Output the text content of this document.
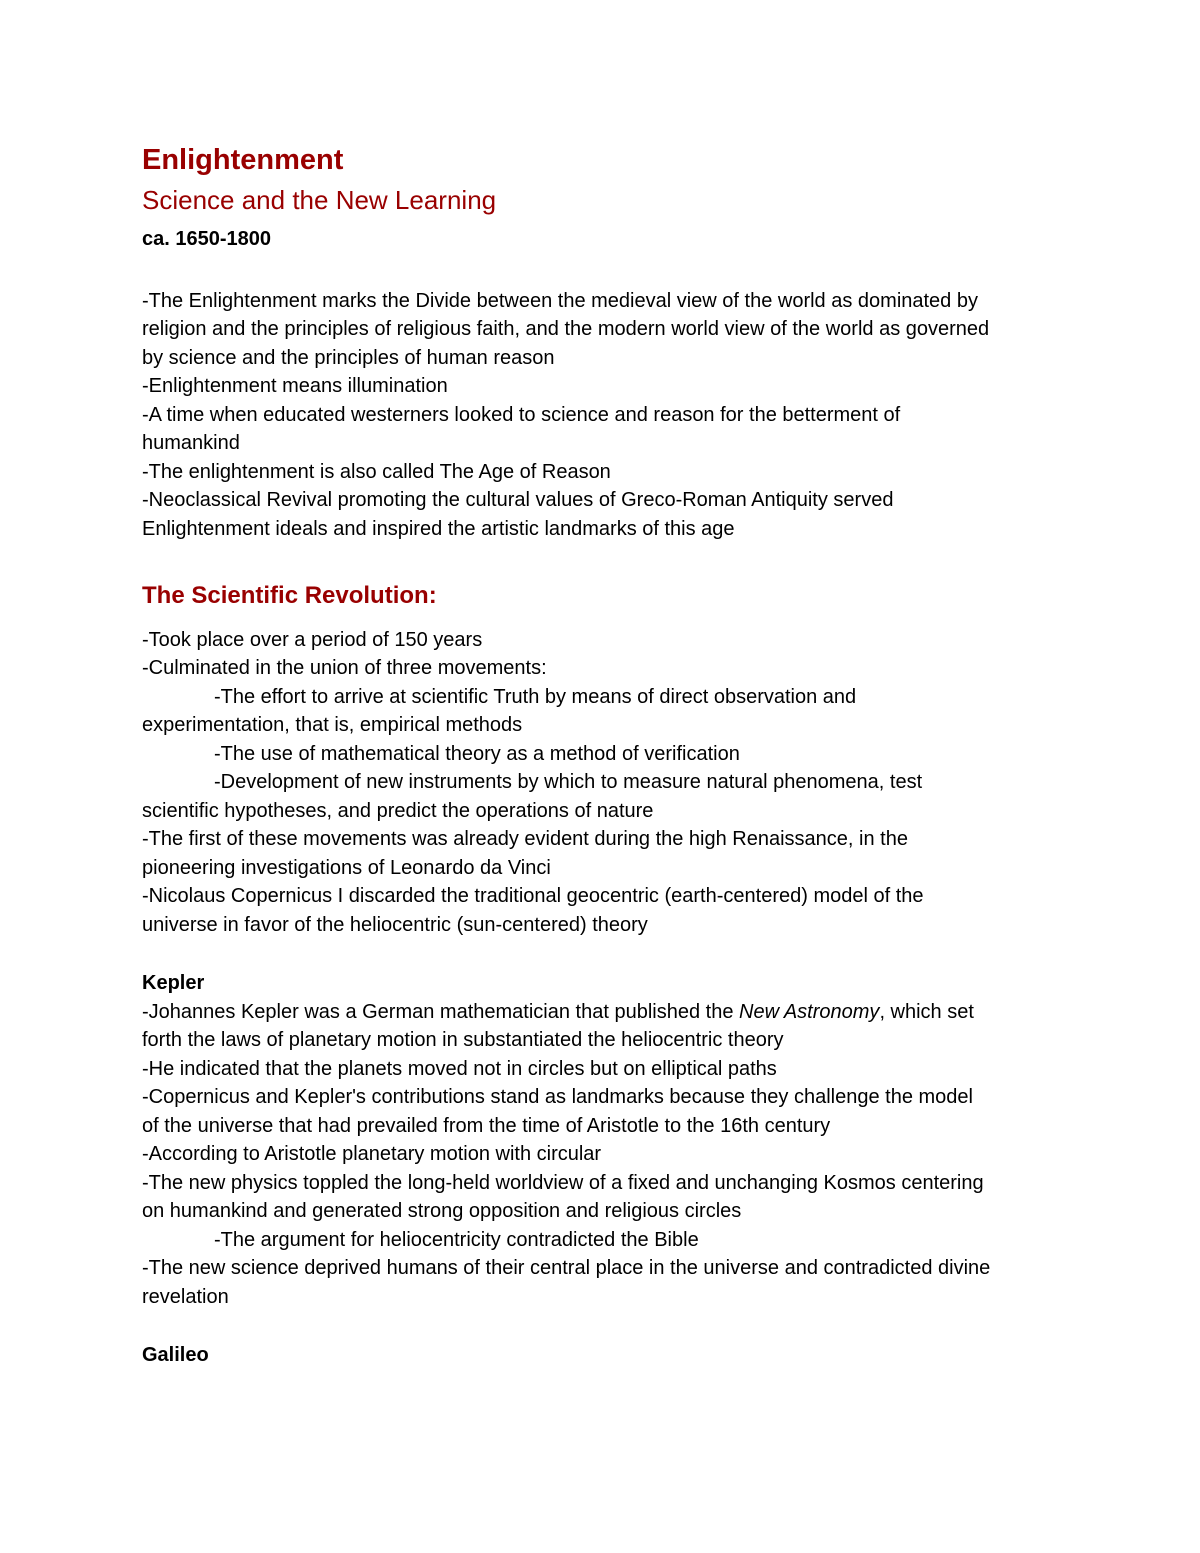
Enlightenment
Science and the New Learning
ca. 1650-1800
-The Enlightenment marks the Divide between the medieval view of the world as dominated by
religion and the principles of religious faith, and the modern world view of the world as governed
by science and the principles of human reason
-Enlightenment means illumination
-A time when educated westerners looked to science and reason for the betterment of
humankind
-The enlightenment is also called The Age of Reason
-Neoclassical Revival promoting the cultural values of Greco-Roman Antiquity served
Enlightenment ideals and inspired the artistic landmarks of this age
The Scientific Revolution:
-Took place over a period of 150 years
-Culminated in the union of three movements:
-The effort to arrive at scientific Truth by means of direct observation and
experimentation, that is, empirical methods
-The use of mathematical theory as a method of verification
-Development of new instruments by which to measure natural phenomena, test
scientific hypotheses, and predict the operations of nature
-The first of these movements was already evident during the high Renaissance, in the
pioneering investigations of Leonardo da Vinci
-Nicolaus Copernicus I discarded the traditional geocentric (earth-centered) model of the
universe in favor of the heliocentric (sun-centered) theory
Kepler
-Johannes Kepler was a German mathematician that published the New Astronomy, which set
forth the laws of planetary motion in substantiated the heliocentric theory
-He indicated that the planets moved not in circles but on elliptical paths
-Copernicus and Kepler's contributions stand as landmarks because they challenge the model
of the universe that had prevailed from the time of Aristotle to the 16th century
-According to Aristotle planetary motion with circular
-The new physics toppled the long-held worldview of a fixed and unchanging Kosmos centering
on humankind and generated strong opposition and religious circles
-The argument for heliocentricity contradicted the Bible
-The new science deprived humans of their central place in the universe and contradicted divine
revelation
Galileo
